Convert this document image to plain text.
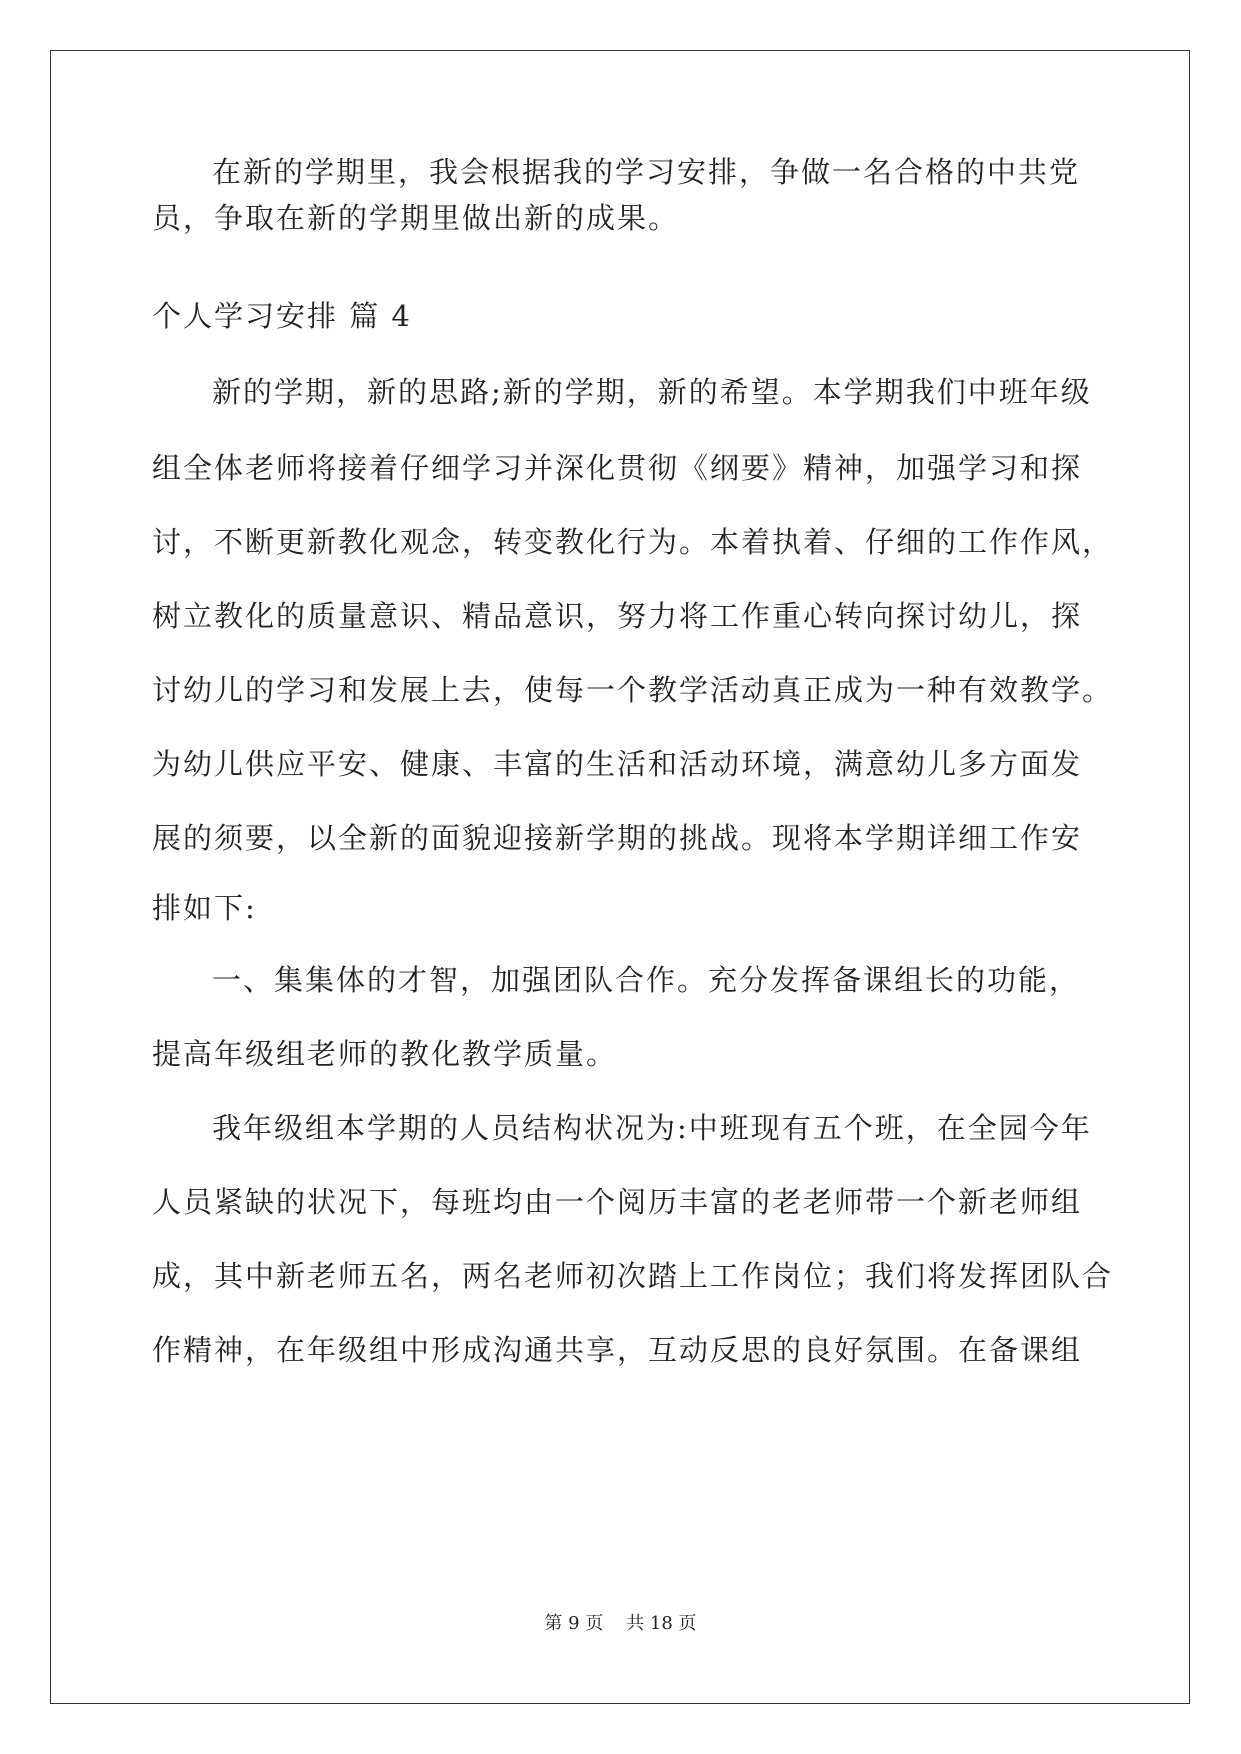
在新的学期里，我会根据我的学习安排，争做一名合格的中共党
员，争取在新的学期里做出新的成果。
个人学习安排 篇 4
新的学期，新的思路;新的学期，新的希望。本学期我们中班年级
组全体老师将接着仔细学习并深化贯彻《纲要》精神，加强学习和探
讨，不断更新教化观念，转变教化行为。本着执着、仔细的工作作风，
树立教化的质量意识、精品意识，努力将工作重心转向探讨幼儿，探
讨幼儿的学习和发展上去，使每一个教学活动真正成为一种有效教学。
为幼儿供应平安、健康、丰富的生活和活动环境，满意幼儿多方面发
展的须要，以全新的面貌迎接新学期的挑战。现将本学期详细工作安
排如下:
一、集集体的才智，加强团队合作。充分发挥备课组长的功能，
提高年级组老师的教化教学质量。
我年级组本学期的人员结构状况为:中班现有五个班，在全园今年
人员紧缺的状况下，每班均由一个阅历丰富的老老师带一个新老师组
成，其中新老师五名，两名老师初次踏上工作岗位；我们将发挥团队合
作精神，在年级组中形成沟通共享，互动反思的良好氛围。在备课组
第 9 页    共 18 页
